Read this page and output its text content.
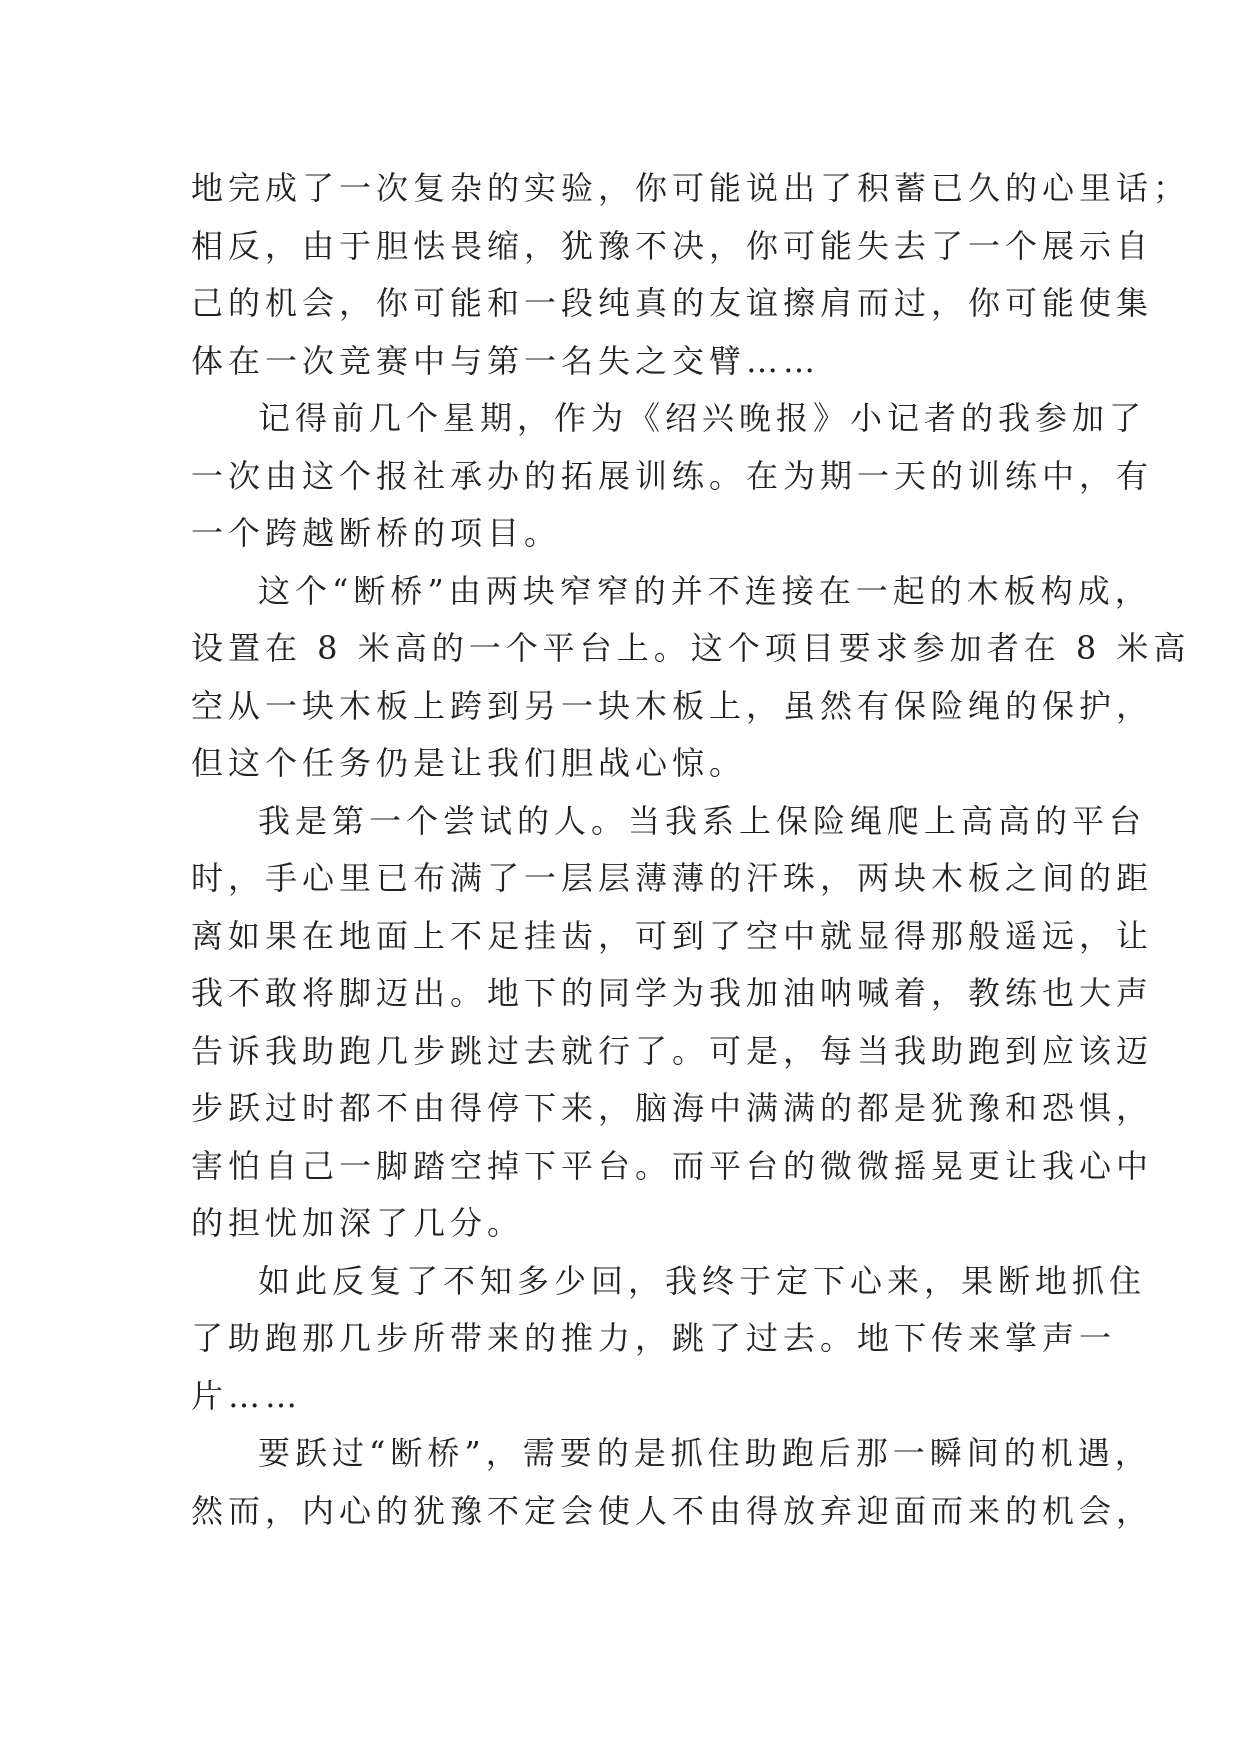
地完成了一次复杂的实验，你可能说出了积蓄已久的心里话；
相反，由于胆怯畏缩，犹豫不决，你可能失去了一个展示自
己的机会，你可能和一段纯真的友谊擦肩而过，你可能使集
体在一次竞赛中与第一名失之交臂……
记得前几个星期，作为《绍兴晚报》小记者的我参加了
一次由这个报社承办的拓展训练。在为期一天的训练中，有
一个跨越断桥的项目。
这个“断桥”由两块窄窄的并不连接在一起的木板构成，
设置在 8 米高的一个平台上。这个项目要求参加者在 8 米高
空从一块木板上跨到另一块木板上，虽然有保险绳的保护，
但这个任务仍是让我们胆战心惊。
我是第一个尝试的人。当我系上保险绳爬上高高的平台
时，手心里已布满了一层层薄薄的汗珠，两块木板之间的距
离如果在地面上不足挂齿，可到了空中就显得那般遥远，让
我不敢将脚迈出。地下的同学为我加油呐喊着，教练也大声
告诉我助跑几步跳过去就行了。可是，每当我助跑到应该迈
步跃过时都不由得停下来，脑海中满满的都是犹豫和恐惧，
害怕自己一脚踏空掉下平台。而平台的微微摇晃更让我心中
的担忧加深了几分。
如此反复了不知多少回，我终于定下心来，果断地抓住
了助跑那几步所带来的推力，跳了过去。地下传来掌声一
片……
要跃过“断桥”，需要的是抓住助跑后那一瞬间的机遇，
然而，内心的犹豫不定会使人不由得放弃迎面而来的机会，
